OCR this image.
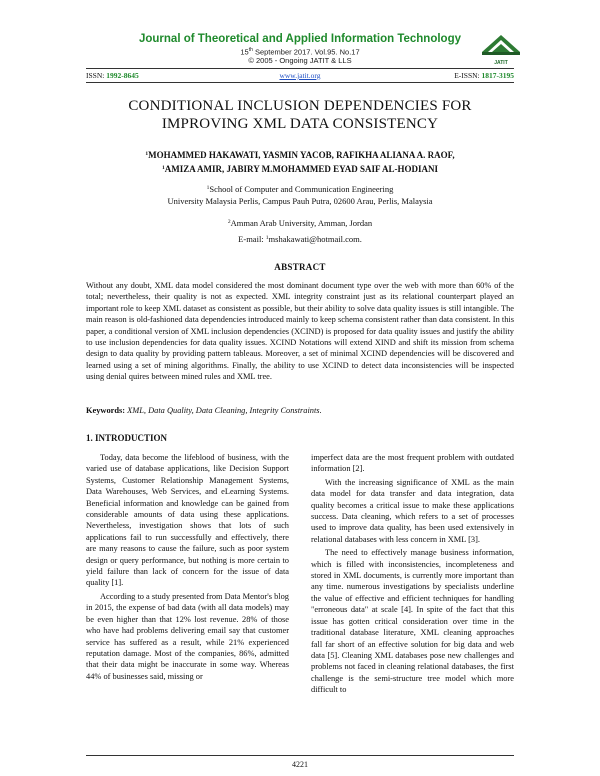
Journal of Theoretical and Applied Information Technology
15th September 2017. Vol.95. No.17
© 2005 - Ongoing JATIT & LLS	JATIT
ISSN: 1992-8645	www.jatit.org	E-ISSN: 1817-3195
CONDITIONAL INCLUSION DEPENDENCIES FOR
IMPROVING XML DATA CONSISTENCY
$^1$MOHAMMED HAKAWATI, YASMIN YACOB, RAFIKHA ALIANA A. RAOF,
$^1$AMIZA AMIR, JABIRY M.MOHAMMED EYAD SAIF AL-HODIANI
$^1$School of Computer and Communication Engineering
University Malaysia Perlis, Campus Pauh Putra, 02600 Arau, Perlis, Malaysia
$^2$Amman Arab University, Amman, Jordan
E-mail: $^1$mshakawati@hotmail.com.
ABSTRACT
Without any doubt, XML data model considered the most dominant document type over the web with more than 60% of the total; nevertheless, their quality is not as expected. XML integrity constraint just as its relational counterpart played an important role to keep XML dataset as consistent as possible, but their ability to solve data quality issues is still intangible. The main reason is old-fashioned data dependencies introduced mainly to keep schema consistent rather than data consistent. In this paper, a conditional version of XML inclusion dependencies (XCIND) is proposed for data quality issues and justify the ability to use inclusion dependencies for data quality issues. XCIND Notations will extend XIND and shift its mission from schema design to data quality by providing pattern tableaus. Moreover, a set of minimal XCIND dependencies will be discovered and learned using a set of mining algorithms. Finally, the ability to use XCIND to detect data inconsistencies will be inspected using denial quires between mined rules and XML tree.
Keywords: XML, Data Quality, Data Cleaning, Integrity Constraints.
1. INTRODUCTION

Today, data become the lifeblood of business, with the varied use of database applications, like Decision Support Systems, Customer Relationship Management Systems, Data Warehouses, Web Services, and eLearning Systems. Beneficial information and knowledge can be gained from considerable amounts of data using these applications. Nevertheless, investigation shows that lots of such applications fail to run successfully and effectively, there are many reasons to cause the failure, such as poor system design or query performance, but nothing is more certain to yield failure than lack of concern for the issue of data quality [1].

According to a study presented from Data Mentor's blog in 2015, the expense of bad data (with all data models) may be even higher than that 12% lost revenue. 28% of those who have had problems delivering email say that customer service has suffered as a result, while 21% experienced reputation damage. Most of the companies, 86%, admitted that their data might be inaccurate in some way. Whereas 44% of businesses said, missing or

imperfect data are the most frequent problem with outdated information [2].

With the increasing significance of XML as the main data model for data transfer and data integration, data quality becomes a critical issue to make these applications success. Data cleaning, which refers to a set of processes used to improve data quality, has been used extensively in relational databases with less concern in XML [3].

The need to effectively manage business information, which is filled with inconsistencies, incompleteness and stored in XML documents, is currently more important than any time. numerous investigations by specialists underline the value of effective and efficient techniques for handling "erroneous data" at scale [4]. In spite of the fact that this issue has gotten critical consideration over time in the traditional database literature, XML cleaning approaches fall far short of an effective solution for big data and web data [5]. Cleaning XML databases pose new challenges and problems not faced in cleaning relational databases, the first challenge is the semi-structure tree model which more difficult to

4221
